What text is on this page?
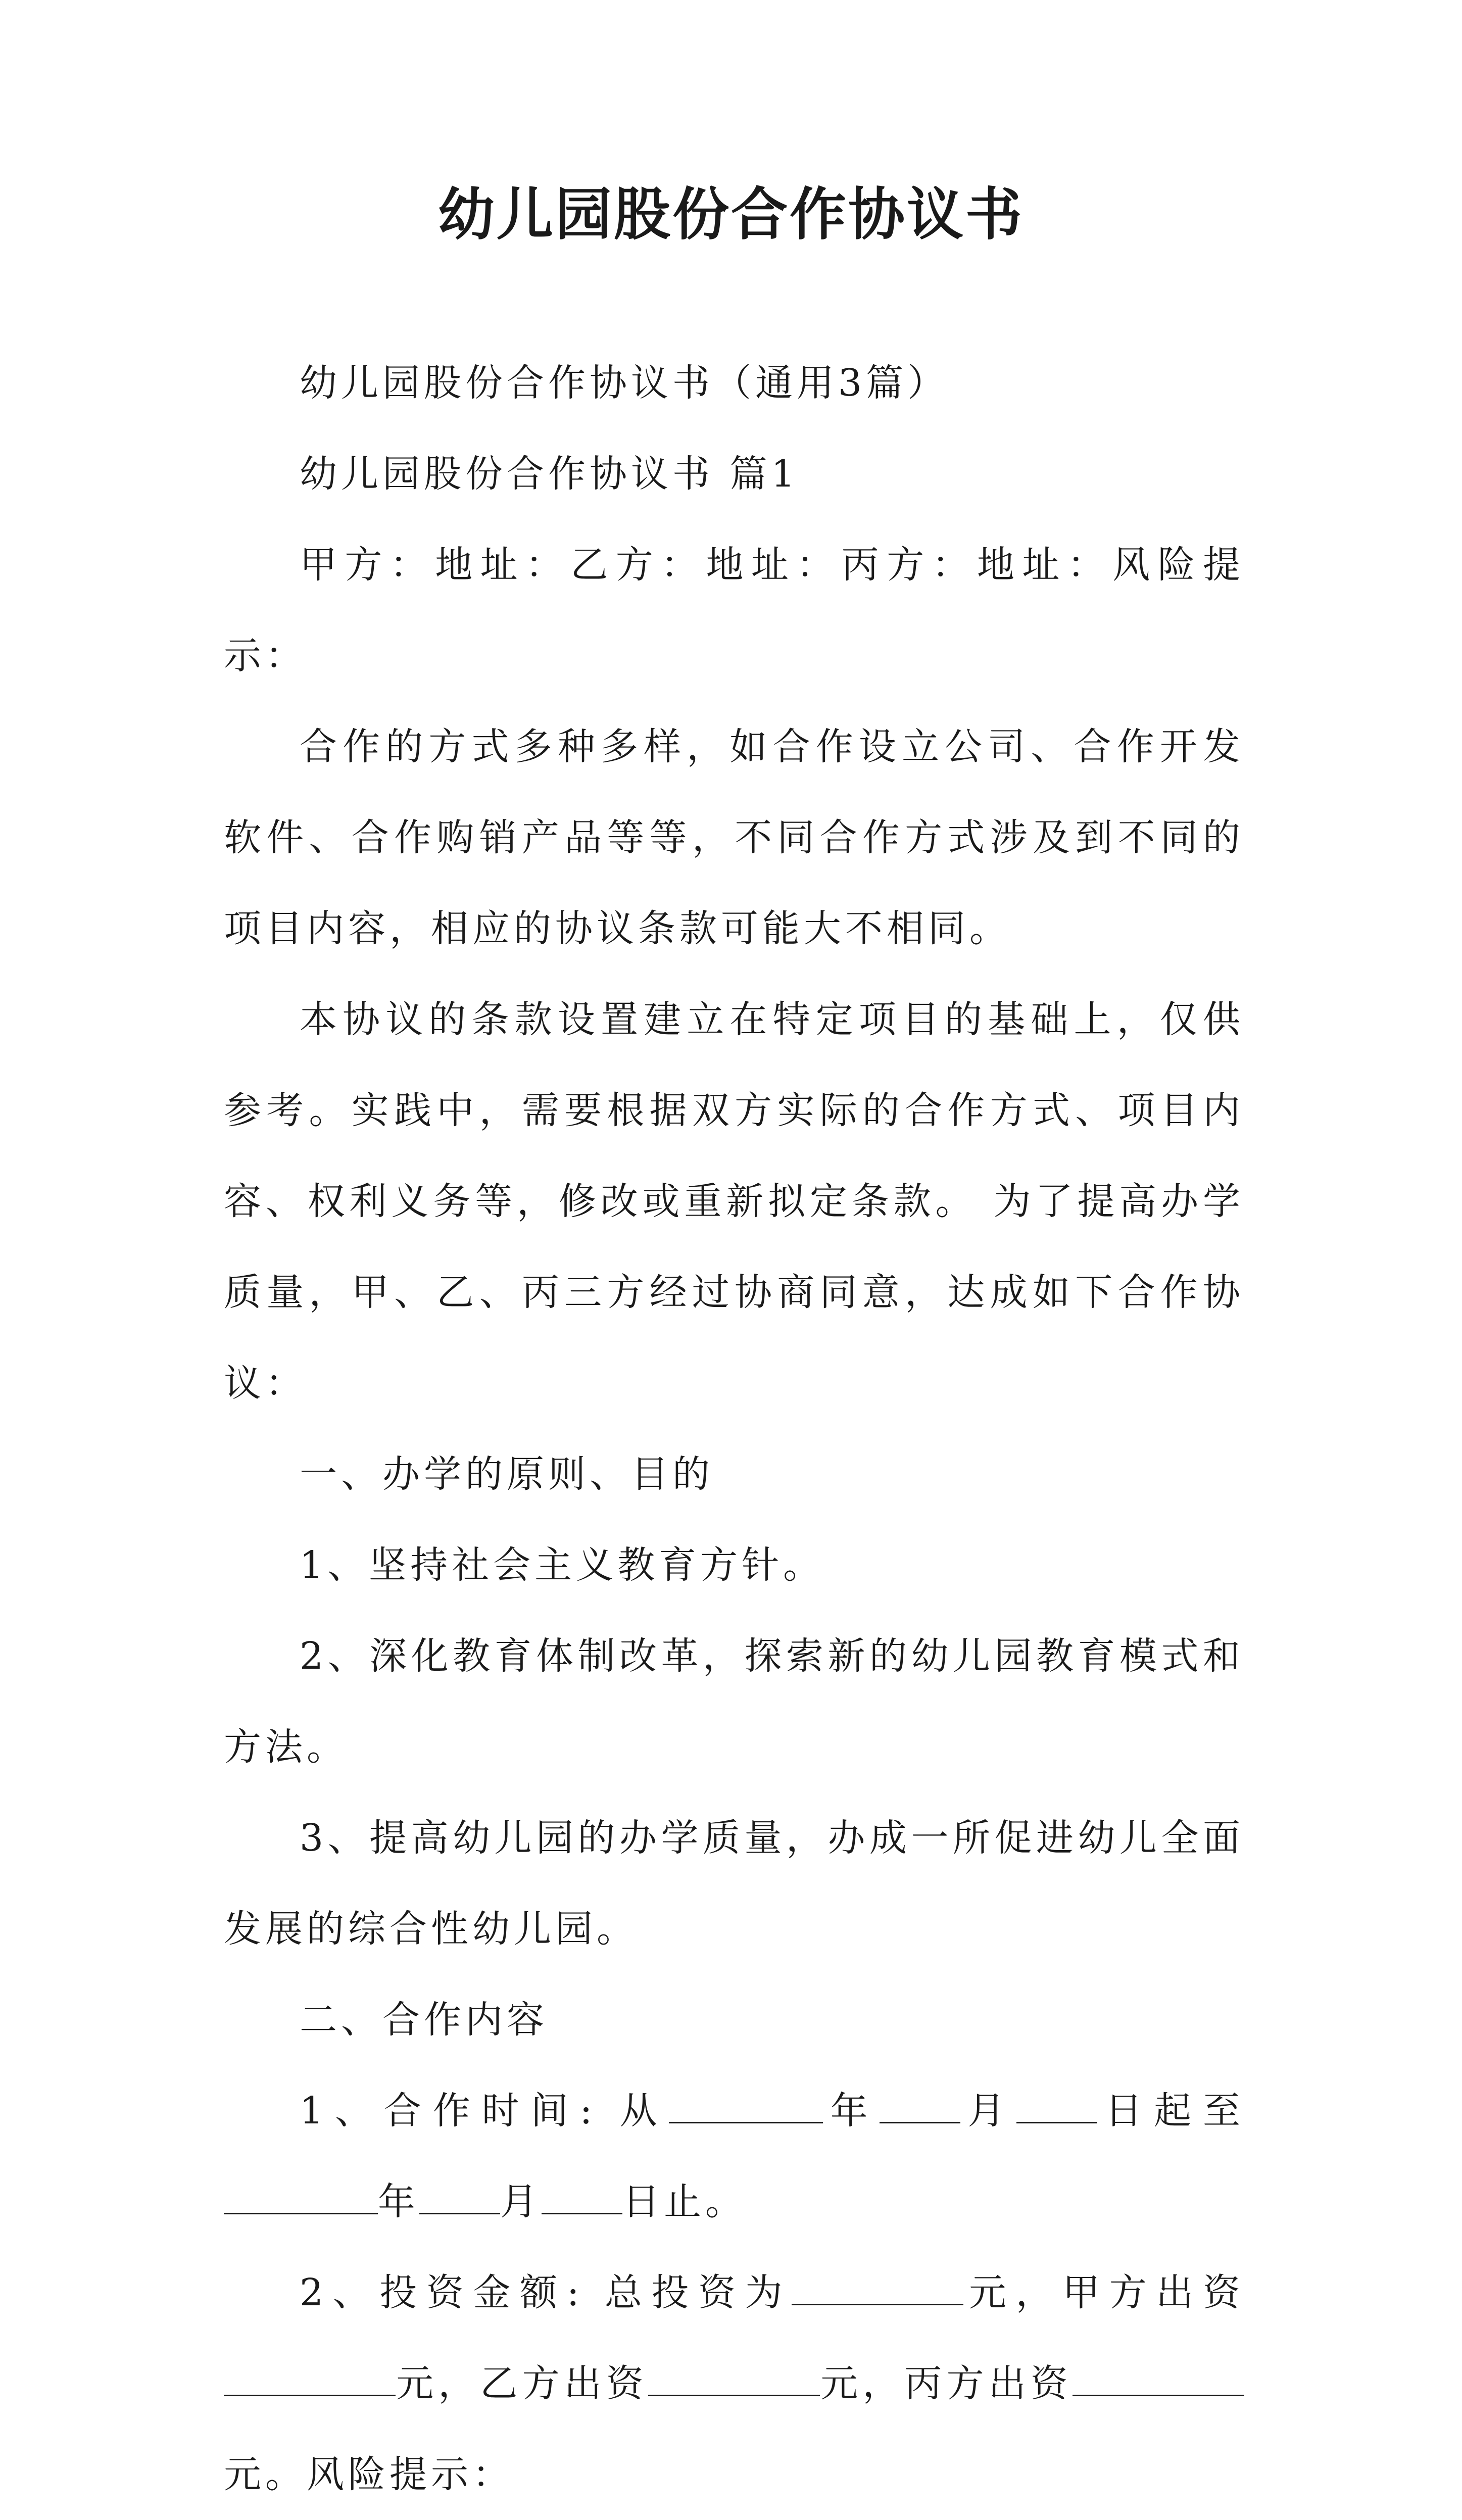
幼儿园股份合作协议书

幼儿园股份合作协议书（通用3篇）

幼儿园股份合作协议书 篇1

甲方：地址：乙方：地址：丙方：地址：风险提示：

合作的方式多种多样，如合作设立公司、合作开发软件、合作购销产品等等，不同合作方式涉及到不同的项目内容，相应的协议条款可能大不相同。

本协议的条款设置建立在特定项目的基础上，仅供参考。实践中，需要根据双方实际的合作方式、项目内容、权利义务等，修改或重新拟定条款。 为了提高办学质量，甲、乙、丙三方经过协商同意，达成如下合作协议：

一、办学的原则、目的

1、坚持社会主义教育方针。

2、深化教育体制改革，探索新的幼儿园教育模式和方法。

3、提高幼儿园的办学质量，办成一所促进幼儿全面发展的综合性幼儿园。

二、合作内容

1、合作时间: 从	年 月 日起至年 月 日止。

2、投资金额: 总投资为	元，甲方出资元，乙方出资	元，丙方出资元。风险提示：
